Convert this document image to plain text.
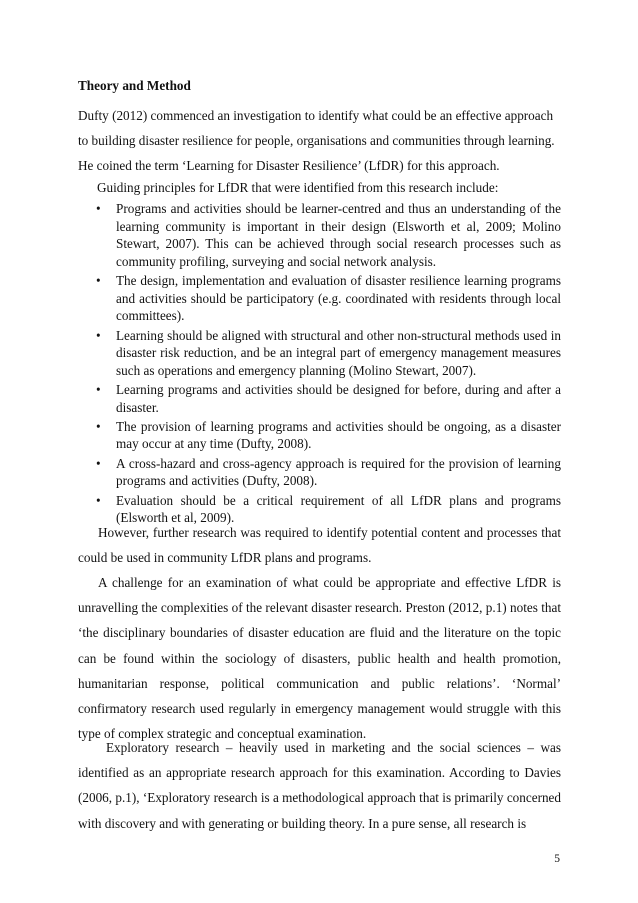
Theory and Method

Dufty (2012) commenced an investigation to identify what could be an effective approach to building disaster resilience for people, organisations and communities through learning. He coined the term ‘Learning for Disaster Resilience’ (LfDR) for this approach.

Guiding principles for LfDR that were identified from this research include:
•	Programs and activities should be learner-centred and thus an understanding of the learning community is important in their design (Elsworth et al, 2009; Molino Stewart, 2007). This can be achieved through social research processes such as community profiling, surveying and social network analysis.
•	The design, implementation and evaluation of disaster resilience learning programs and activities should be participatory (e.g. coordinated with residents through local committees).
•	Learning should be aligned with structural and other non-structural methods used in disaster risk reduction, and be an integral part of emergency management measures such as operations and emergency planning (Molino Stewart, 2007).
•	Learning programs and activities should be designed for before, during and after a disaster.
•	The provision of learning programs and activities should be ongoing, as a disaster may occur at any time (Dufty, 2008).
•	A cross-hazard and cross-agency approach is required for the provision of learning programs and activities (Dufty, 2008).
•	Evaluation should be a critical requirement of all LfDR plans and programs (Elsworth et al, 2009).

However, further research was required to identify potential content and processes that could be used in community LfDR plans and programs.

A challenge for an examination of what could be appropriate and effective LfDR is unravelling the complexities of the relevant disaster research. Preston (2012, p.1) notes that ‘the disciplinary boundaries of disaster education are fluid and the literature on the topic can be found within the sociology of disasters, public health and health promotion, humanitarian response, political communication and public relations’. ‘Normal’ confirmatory research used regularly in emergency management would struggle with this type of complex strategic and conceptual examination.

Exploratory research – heavily used in marketing and the social sciences – was identified as an appropriate research approach for this examination. According to Davies (2006, p.1), ‘Exploratory research is a methodological approach that is primarily concerned with discovery and with generating or building theory. In a pure sense, all research is

5
